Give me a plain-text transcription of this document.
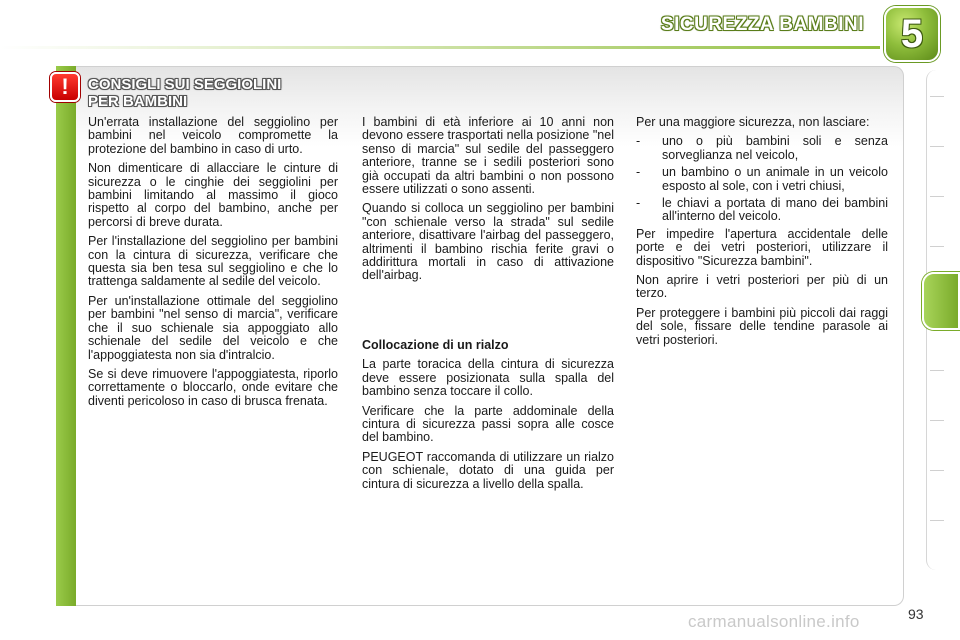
SICUREZZA BAMBINI 5
! CONSIGLI SUI SEGGIOLINI
PER BAMBINI

Un'errata installazione del seggiolino per bambini nel veicolo compromette la protezione del bambino in caso di urto.

Non dimenticare di allacciare le cinture di sicurezza o le cinghie dei seggiolini per bambini limitando al massimo il gioco rispetto al corpo del bambino, anche per percorsi di breve durata.

Per l'installazione del seggiolino per bambini con la cintura di sicurezza, verificare che questa sia ben tesa sul seggiolino e che lo trattenga saldamente al sedile del veicolo.

Per un'installazione ottimale del seggiolino per bambini "nel senso di marcia", verificare che il suo schienale sia appoggiato allo schienale del sedile del veicolo e che l'appoggiatesta non sia d'intralcio.

Se si deve rimuovere l'appoggiatesta, riporlo correttamente o bloccarlo, onde evitare che diventi pericoloso in caso di brusca frenata.

I bambini di età inferiore ai 10 anni non devono essere trasportati nella posizione "nel senso di marcia" sul sedile del passeggero anteriore, tranne se i sedili posteriori sono già occupati da altri bambini o non possono essere utilizzati o sono assenti.

Quando si colloca un seggiolino per bambini "con schienale verso la strada" sul sedile anteriore, disattivare l'airbag del passeggero, altrimenti il bambino rischia ferite gravi o addirittura mortali in caso di attivazione dell'airbag.

Collocazione di un rialzo

La parte toracica della cintura di sicurezza deve essere posizionata sulla spalla del bambino senza toccare il collo.

Verificare che la parte addominale della cintura di sicurezza passi sopra alle cosce del bambino.

PEUGEOT raccomanda di utilizzare un rialzo con schienale, dotato di una guida per cintura di sicurezza a livello della spalla.

Per una maggiore sicurezza, non lasciare:

-	uno o più bambini soli e senza sorveglianza nel veicolo,
-	un bambino o un animale in un veicolo esposto al sole, con i vetri chiusi,
-	le chiavi a portata di mano dei bambini all'interno del veicolo.

Per impedire l'apertura accidentale delle porte e dei vetri posteriori, utilizzare il dispositivo "Sicurezza bambini".

Non aprire i vetri posteriori per più di un terzo.

Per proteggere i bambini più piccoli dai raggi del sole, fissare delle tendine parasole ai vetri posteriori.

93
carmanualsonline.info
